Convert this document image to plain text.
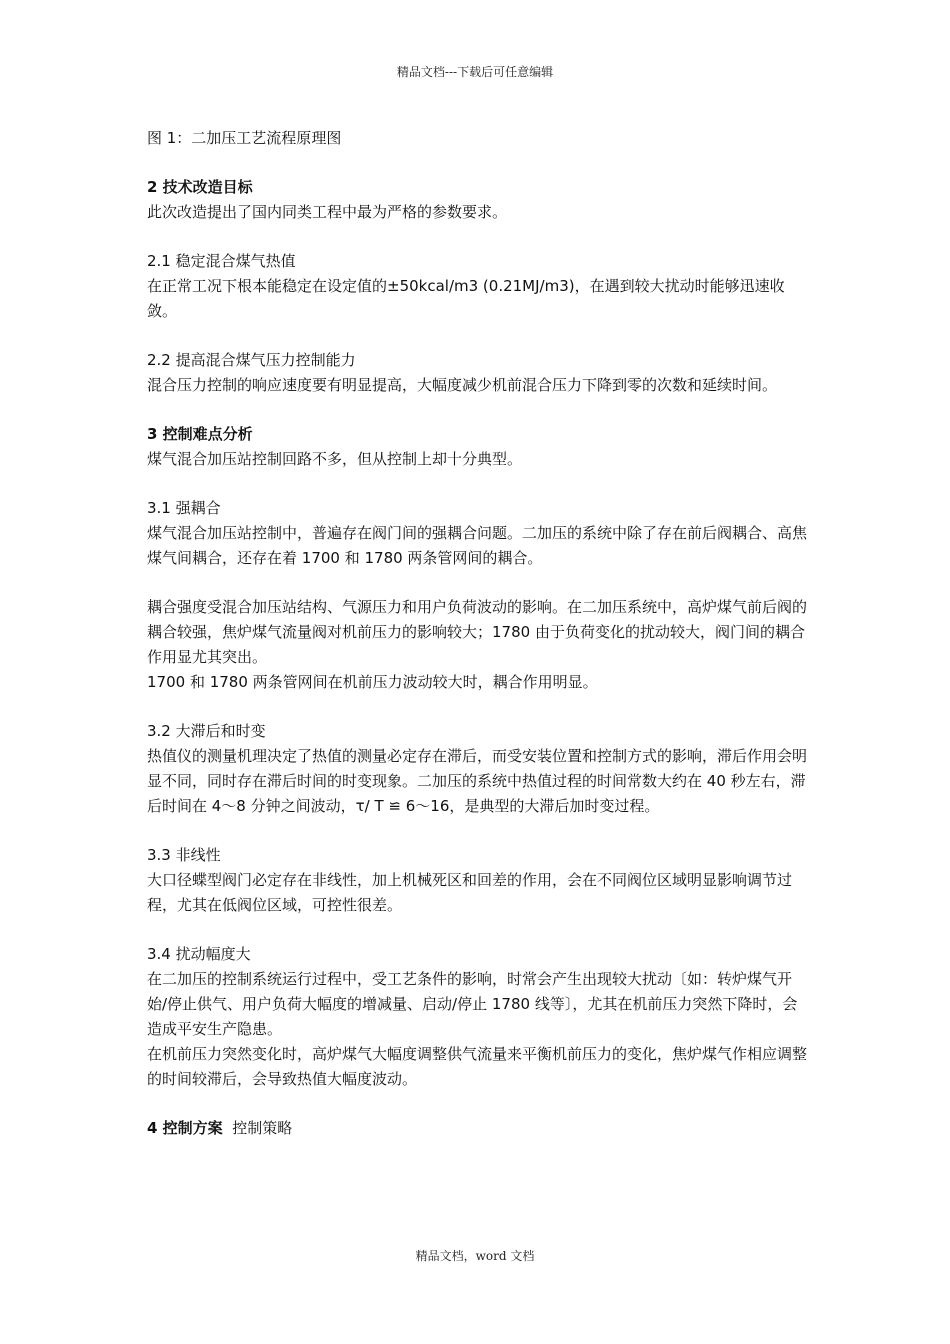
精品文档---下载后可任意编辑

图 1：二加压工艺流程原理图

2 技术改造目标

此次改造提出了国内同类工程中最为严格的参数要求。

2.1 稳定混合煤气热值

在正常工况下根本能稳定在设定值的±50kcal/m3 (0.21MJ/m3)，在遇到较大扰动时能够迅速收敛。

2.2 提高混合煤气压力控制能力

混合压力控制的响应速度要有明显提高，大幅度减少机前混合压力下降到零的次数和延续时间。

3 控制难点分析

煤气混合加压站控制回路不多，但从控制上却十分典型。

3.1 强耦合

煤气混合加压站控制中，普遍存在阀门间的强耦合问题。二加压的系统中除了存在前后阀耦合、高焦煤气间耦合，还存在着 1700 和 1780 两条管网间的耦合。

耦合强度受混合加压站结构、气源压力和用户负荷波动的影响。在二加压系统中，高炉煤气前后阀的耦合较强，焦炉煤气流量阀对机前压力的影响较大；1780 由于负荷变化的扰动较大，阀门间的耦合作用显尤其突出。

1700 和 1780 两条管网间在机前压力波动较大时，耦合作用明显。

3.2 大滞后和时变

热值仪的测量机理决定了热值的测量必定存在滞后，而受安装位置和控制方式的影响，滞后作用会明显不同，同时存在滞后时间的时变现象。二加压的系统中热值过程的时间常数大约在 40 秒左右，滞后时间在 4～8 分钟之间波动，τ/ T ≌ 6～16，是典型的大滞后加时变过程。

3.3 非线性

大口径蝶型阀门必定存在非线性，加上机械死区和回差的作用，会在不同阀位区域明显影响调节过程，尤其在低阀位区域，可控性很差。

3.4 扰动幅度大

在二加压的控制系统运行过程中，受工艺条件的影响，时常会产生出现较大扰动〔如：转炉煤气开始/停止供气、用户负荷大幅度的增减量、启动/停止 1780 线等〕，尤其在机前压力突然下降时，会造成平安生产隐患。

在机前压力突然变化时，高炉煤气大幅度调整供气流量来平衡机前压力的变化，焦炉煤气作相应调整的时间较滞后，会导致热值大幅度波动。

4 控制方案 控制策略

精品文档，word 文档
